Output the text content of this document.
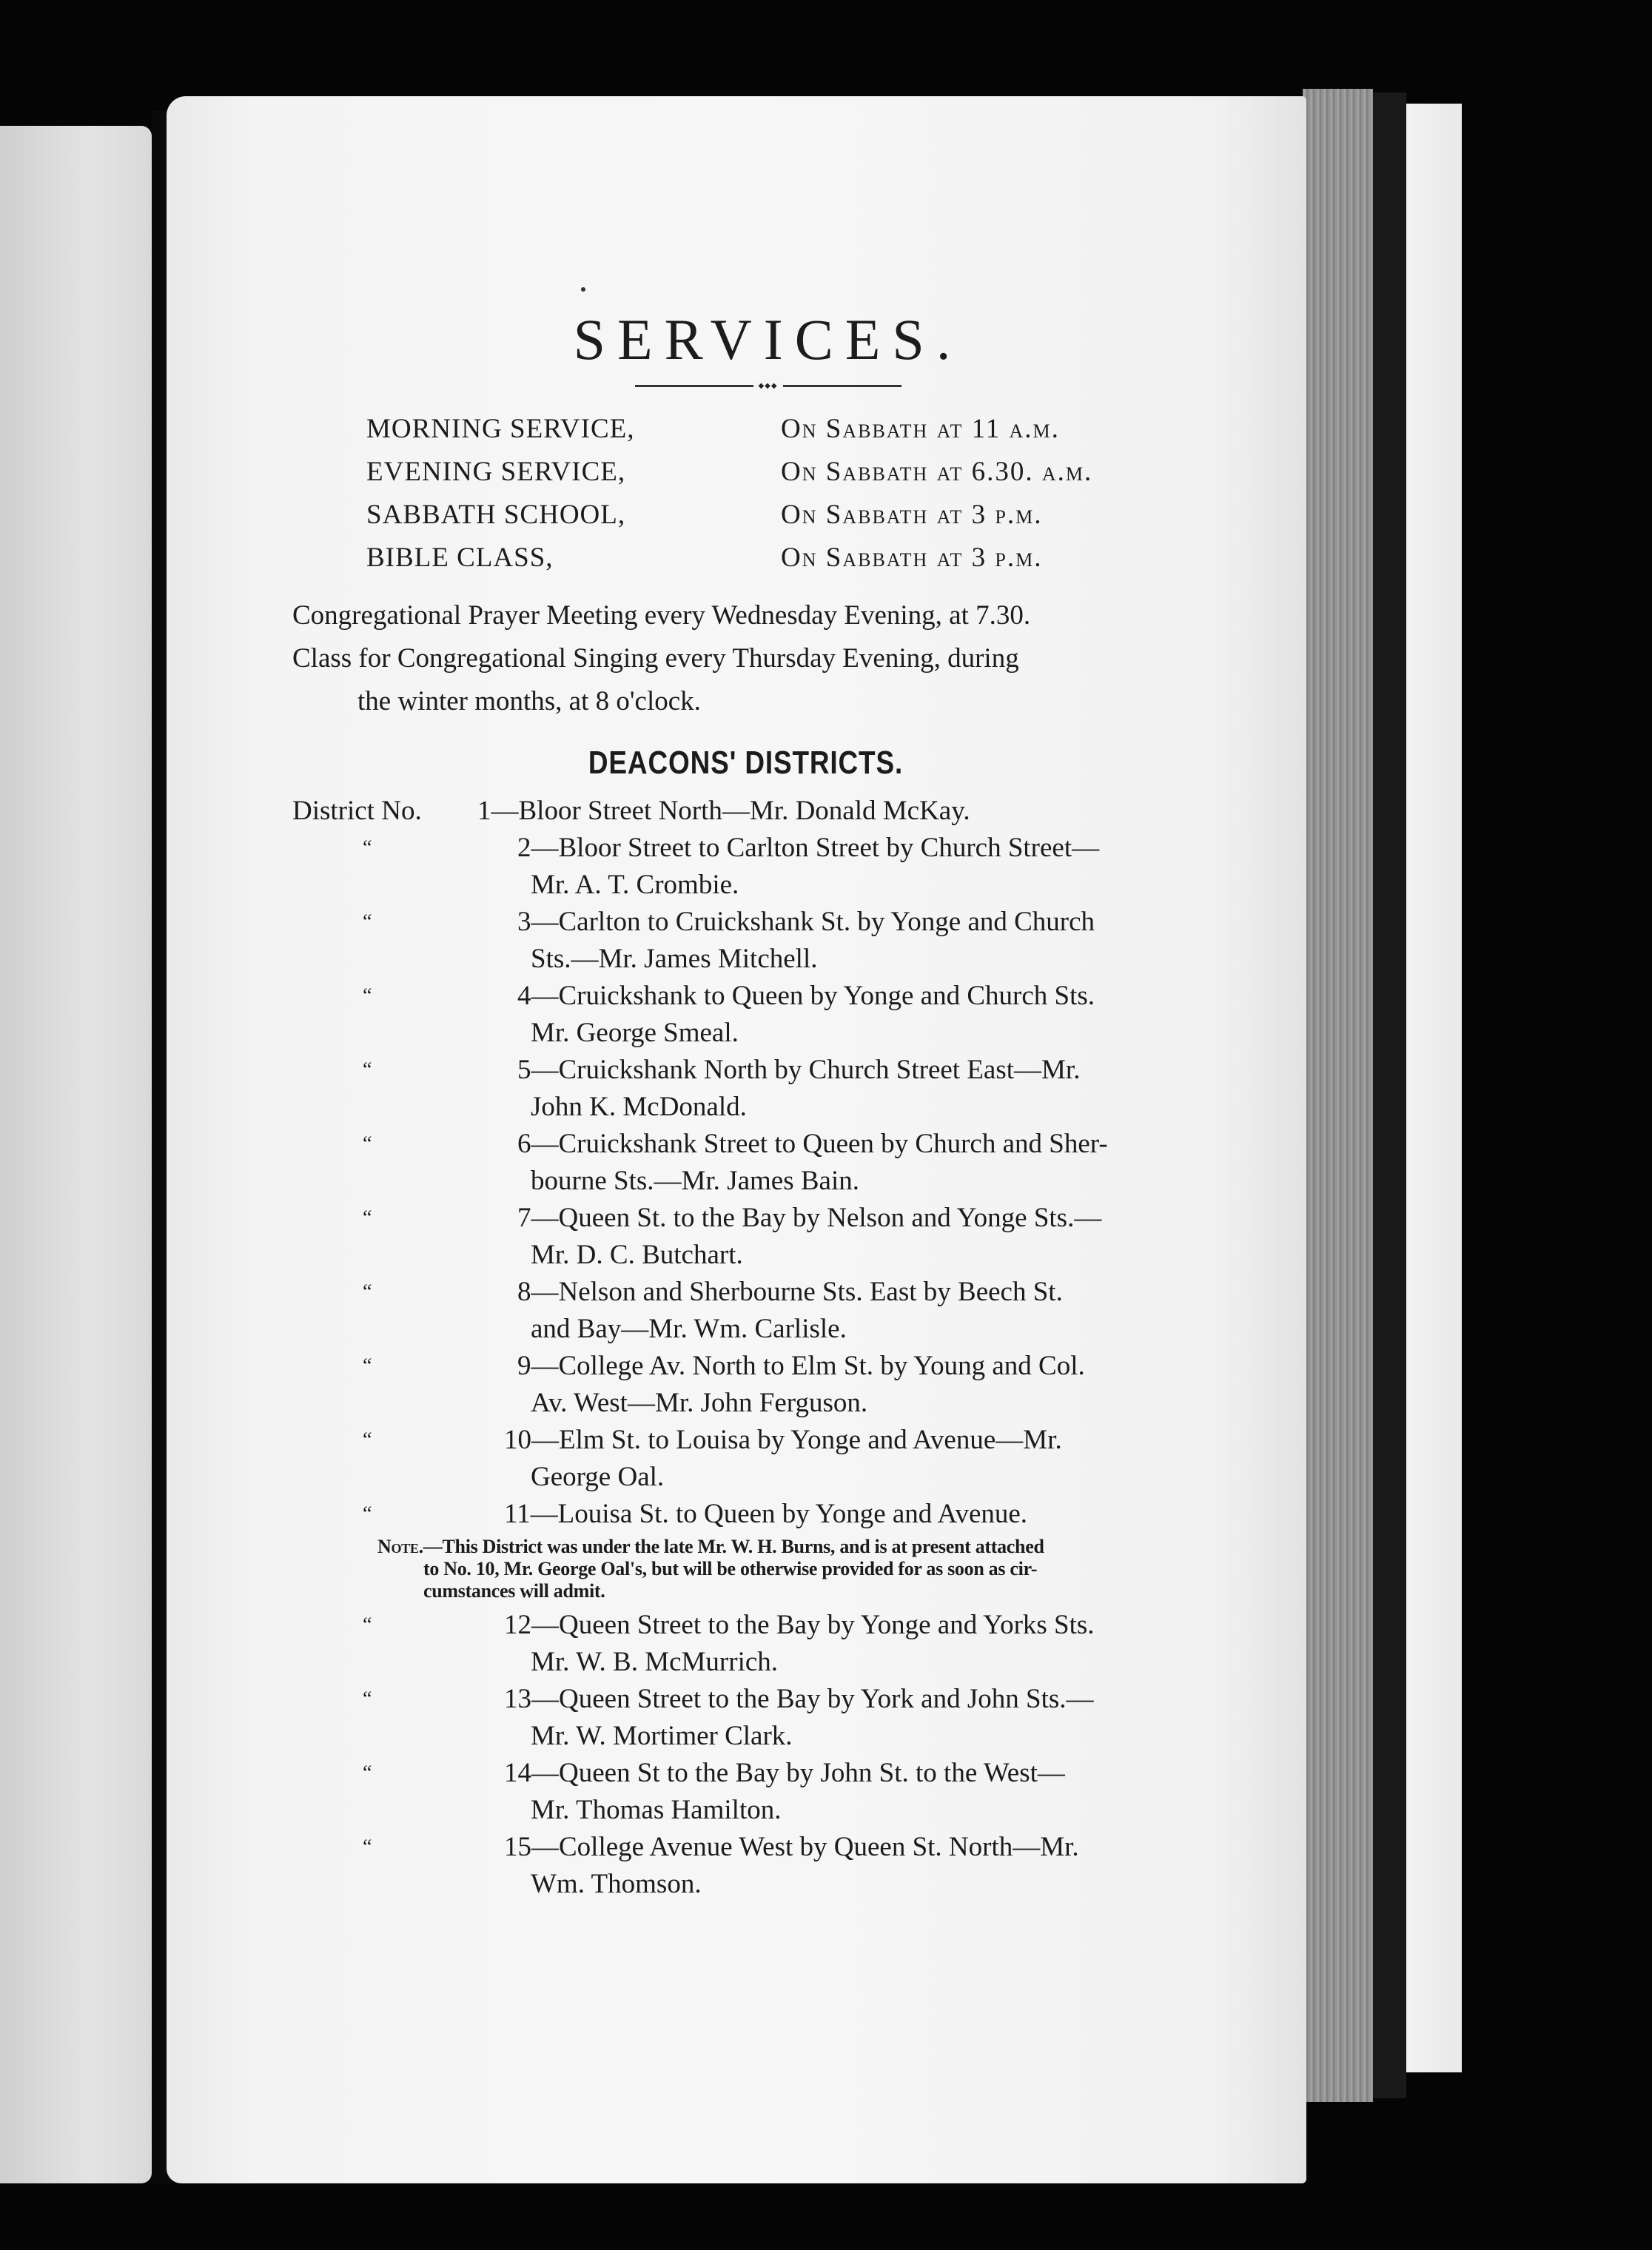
SERVICES.
◆◆◆
MORNING SERVICE,	On Sabbath at 11 a.m.
EVENING SERVICE,	On Sabbath at 6.30. a.m.
SABBATH SCHOOL,	On Sabbath at 3 p.m.
BIBLE CLASS,	On Sabbath at 3 p.m.

Congregational Prayer Meeting every Wednesday Evening, at 7.30.

Class for Congregational Singing every Thursday Evening, during

the winter months, at 8 o'clock.

DEACONS' DISTRICTS.
District No.	1— Bloor Street North—Mr. Donald McKay.
“	2— Bloor Street to Carlton Street by Church Street—
Mr. A. T. Crombie.
“	3— Carlton to Cruickshank St. by Yonge and Church
Sts.—Mr. James Mitchell.
“	4— Cruickshank to Queen by Yonge and Church Sts.
Mr. George Smeal.
“	5— Cruickshank North by Church Street East—Mr.
John K. McDonald.
“	6— Cruickshank Street to Queen by Church and Sher-
bourne Sts.—Mr. James Bain.
“	7— Queen St. to the Bay by Nelson and Yonge Sts.—
Mr. D. C. Butchart.
“	8— Nelson and Sherbourne Sts. East by Beech St.
and Bay—Mr. Wm. Carlisle.
“	9— College Av. North to Elm St. by Young and Col.
Av. West—Mr. John Ferguson.
“	10— Elm St. to Louisa by Yonge and Avenue—Mr.
George Oal.
“	11— Louisa St. to Queen by Yonge and Avenue.
Note.—This District was under the late Mr. W. H. Burns, and is at present attached
to No. 10, Mr. George Oal's, but will be otherwise provided for as soon as cir-
cumstances will admit.
“	12— Queen Street to the Bay by Yonge and Yorks Sts.
Mr. W. B. McMurrich.
“	13— Queen Street to the Bay by York and John Sts.—
Mr. W. Mortimer Clark.
“	14— Queen St to the Bay by John St. to the West—
Mr. Thomas Hamilton.
“	15— College Avenue West by Queen St. North—Mr.
Wm. Thomson.
